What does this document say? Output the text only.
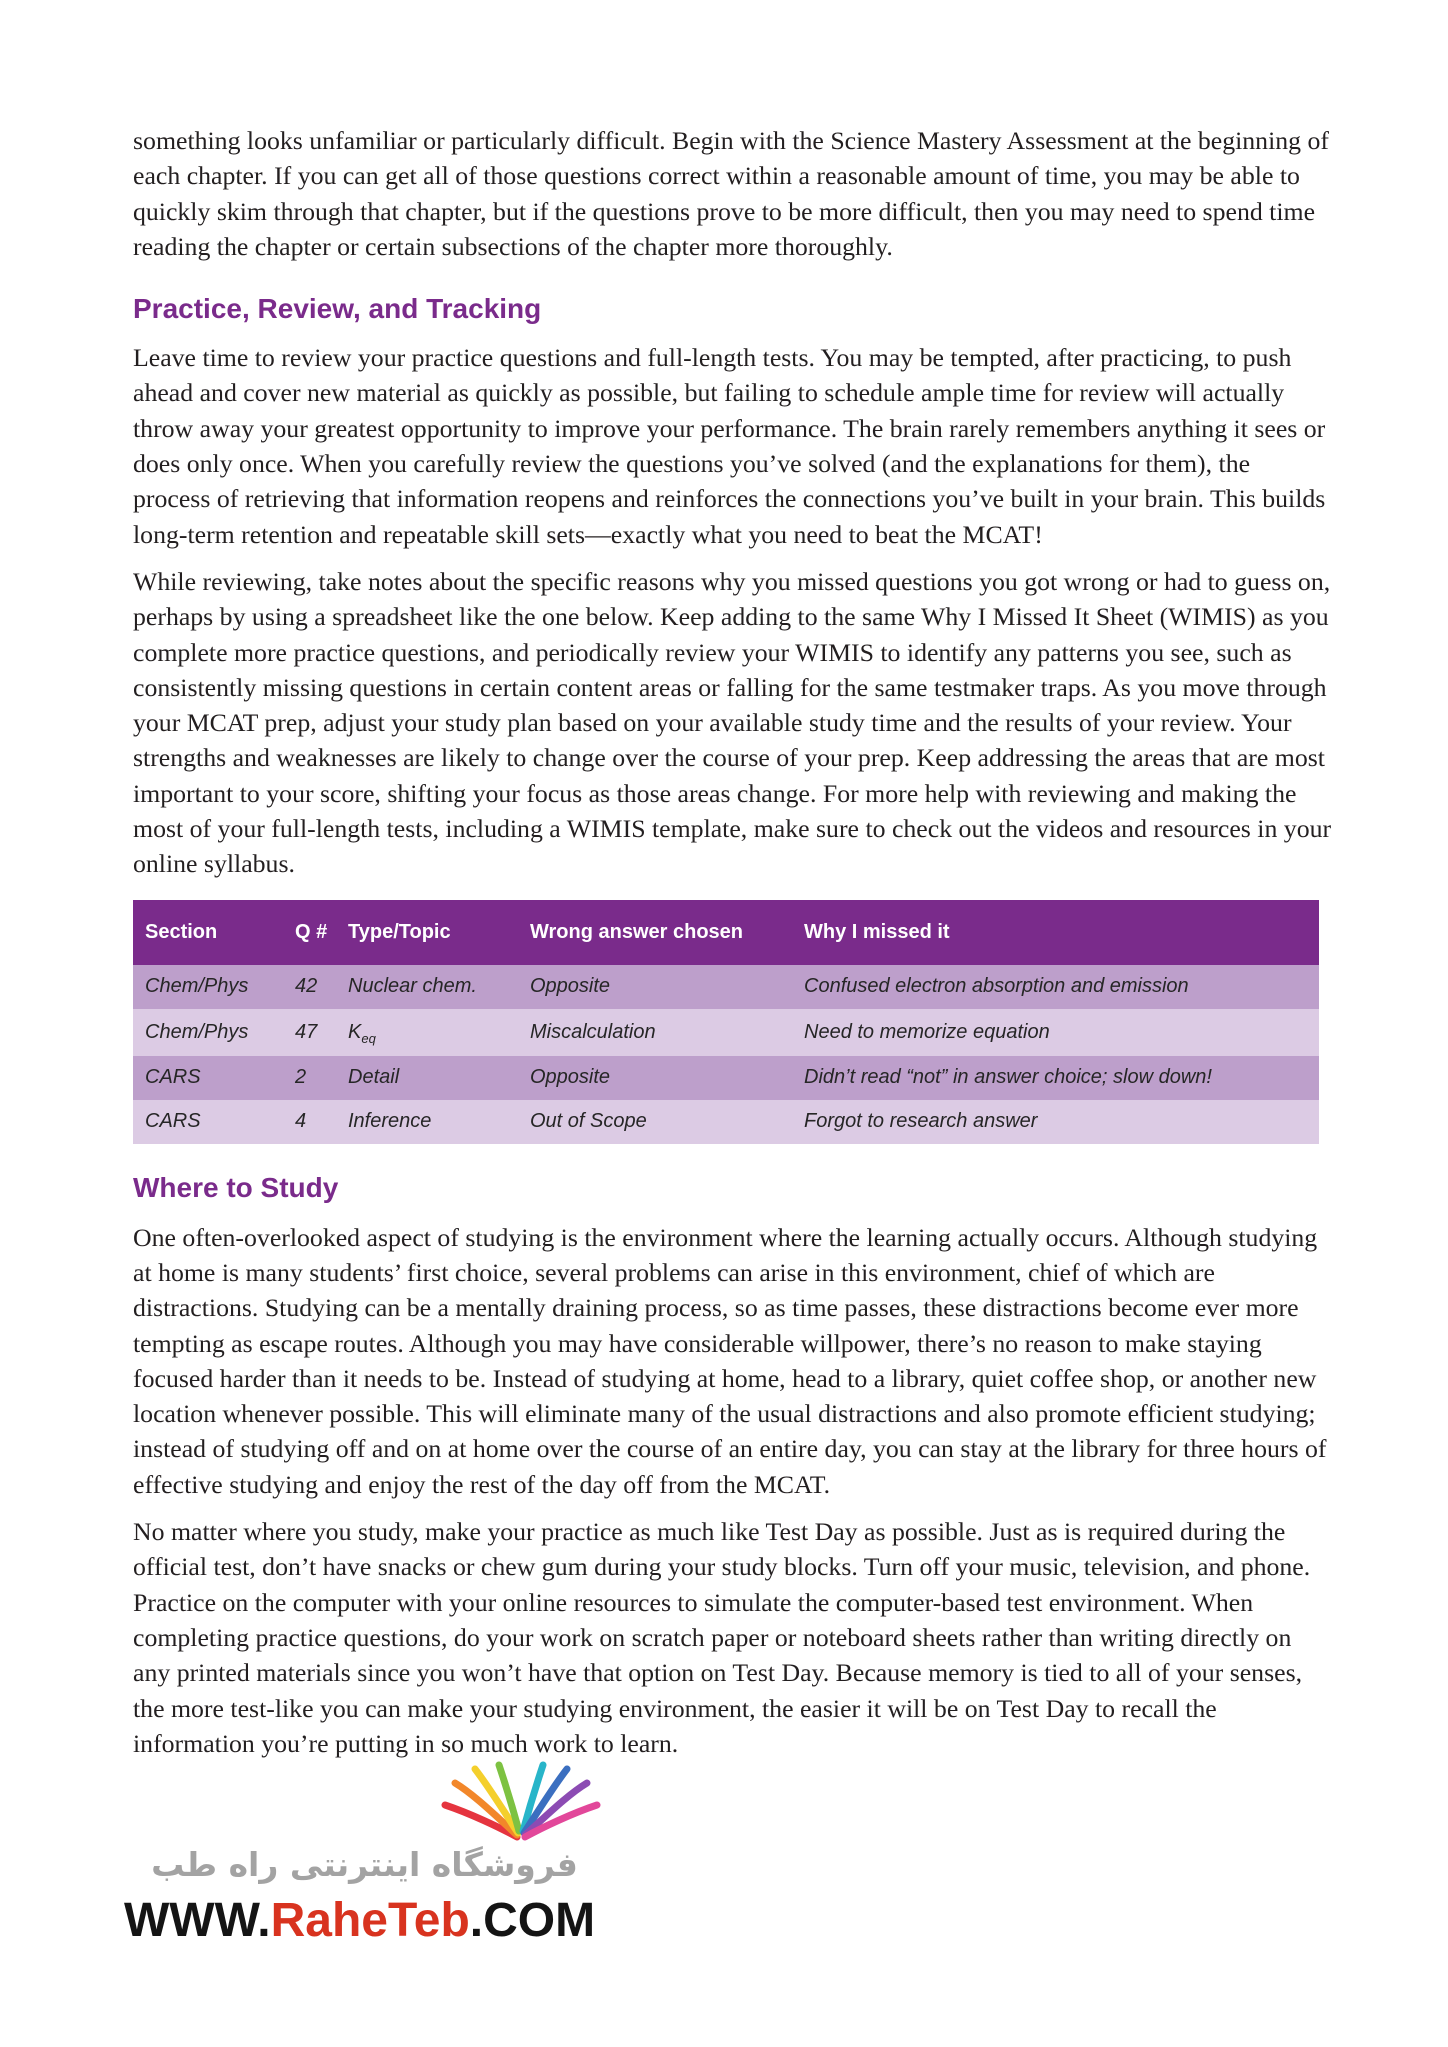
something looks unfamiliar or particularly difficult. Begin with the Science Mastery Assessment at the beginning of each chapter. If you can get all of those questions correct within a reasonable amount of time, you may be able to quickly skim through that chapter, but if the questions prove to be more difficult, then you may need to spend time reading the chapter or certain subsections of the chapter more thoroughly.

Practice, Review, and Tracking

Leave time to review your practice questions and full-length tests. You may be tempted, after practicing, to push ahead and cover new material as quickly as possible, but failing to schedule ample time for review will actually throw away your greatest opportunity to improve your performance. The brain rarely remembers anything it sees or does only once. When you carefully review the questions you’ve solved (and the explanations for them), the process of retrieving that information reopens and reinforces the connections you’ve built in your brain. This builds long-term retention and repeatable skill sets—exactly what you need to beat the MCAT!

While reviewing, take notes about the specific reasons why you missed questions you got wrong or had to guess on, perhaps by using a spreadsheet like the one below. Keep adding to the same Why I Missed It Sheet (WIMIS) as you complete more practice questions, and periodically review your WIMIS to identify any patterns you see, such as consistently missing questions in certain content areas or falling for the same testmaker traps. As you move through your MCAT prep, adjust your study plan based on your available study time and the results of your review. Your strengths and weaknesses are likely to change over the course of your prep. Keep addressing the areas that are most important to your score, shifting your focus as those areas change. For more help with reviewing and making the most of your full-length tests, including a WIMIS template, make sure to check out the videos and resources in your online syllabus.

Section	Q #	Type/Topic	Wrong answer chosen	Why I missed it
Chem/Phys	42	Nuclear chem.	Opposite	Confused electron absorption and emission
Chem/Phys	47	$K_{eq}$	Miscalculation	Need to memorize equation
CARS	2	Detail	Opposite	Didn’t read “not” in answer choice; slow down!
CARS	4	Inference	Out of Scope	Forgot to research answer
Where to Study

One often-overlooked aspect of studying is the environment where the learning actually occurs. Although studying at home is many students’ first choice, several problems can arise in this environment, chief of which are distractions. Studying can be a mentally draining process, so as time passes, these distractions become ever more tempting as escape routes. Although you may have considerable willpower, there’s no reason to make staying focused harder than it needs to be. Instead of studying at home, head to a library, quiet coffee shop, or another new location whenever possible. This will eliminate many of the usual distractions and also promote efficient studying; instead of studying off and on at home over the course of an entire day, you can stay at the library for three hours of effective studying and enjoy the rest of the day off from the MCAT.

No matter where you study, make your practice as much like Test Day as possible. Just as is required during the official test, don’t have snacks or chew gum during your study blocks. Turn off your music, television, and phone. Practice on the computer with your online resources to simulate the computer-based test environment. When completing practice questions, do your work on scratch paper or noteboard sheets rather than writing directly on any printed materials since you won’t have that option on Test Day. Because memory is tied to all of your senses, the more test-like you can make your studying environment, the easier it will be on Test Day to recall the information you’re putting in so much work to learn.

فروشگاه اینترنتی راه طب
WWW.RaheTeb.COM
